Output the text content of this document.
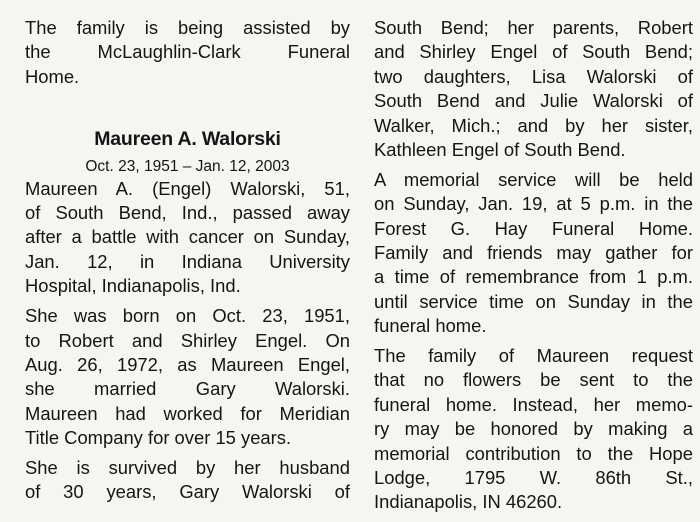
The family is being assisted by
the McLaughlin-Clark Funeral
Home.
Maureen A. Walorski
Oct. 23, 1951 – Jan. 12, 2003
Maureen A. (Engel) Walorski, 51,
of South Bend, Ind., passed away
after a battle with cancer on Sunday,
Jan. 12, in Indiana University
Hospital, Indianapolis, Ind.
She was born on Oct. 23, 1951,
to Robert and Shirley Engel. On
Aug. 26, 1972, as Maureen Engel,
she married Gary Walorski.
Maureen had worked for Meridian
Title Company for over 15 years.
She is survived by her husband
of 30 years, Gary Walorski of
South Bend; her parents, Robert
and Shirley Engel of South Bend;
two daughters, Lisa Walorski of
South Bend and Julie Walorski of
Walker, Mich.; and by her sister,
Kathleen Engel of South Bend.
A memorial service will be held
on Sunday, Jan. 19, at 5 p.m. in the
Forest G. Hay Funeral Home.
Family and friends may gather for
a time of remembrance from 1 p.m.
until service time on Sunday in the
funeral home.
The family of Maureen request
that no flowers be sent to the
funeral home. Instead, her memo-
ry may be honored by making a
memorial contribution to the Hope
Lodge, 1795 W. 86th St.,
Indianapolis, IN 46260.
